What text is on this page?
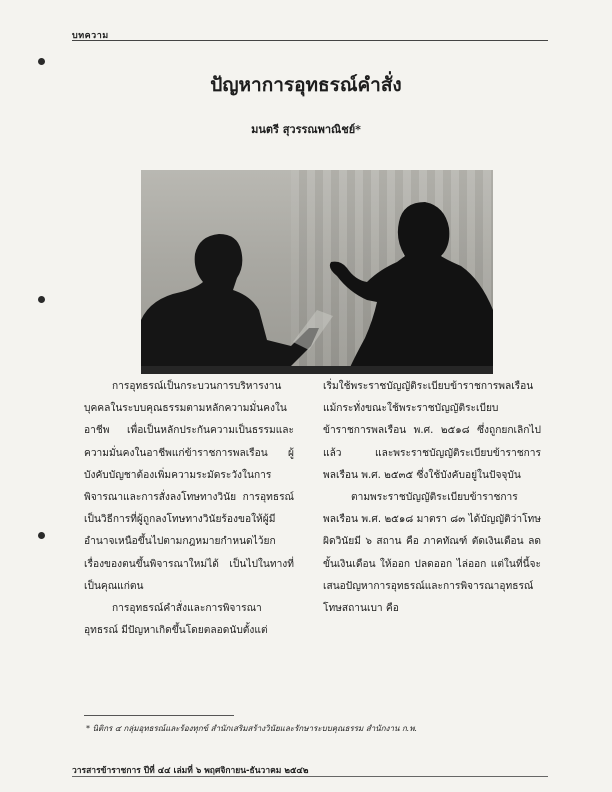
บทความ
ปัญหาการอุทธรณ์คำสั่ง
มนตรี สุวรรณพาณิชย์*

การอุทธรณ์เป็นกระบวนการบริหารงานบุคคลในระบบคุณธรรมตามหลักความมั่นคงในอาชีพ เพื่อเป็นหลักประกันความเป็นธรรมและความมั่นคงในอาชีพแก่ข้าราชการพลเรือน ผู้บังคับบัญชาต้องเพิ่มความระมัดระวังในการพิจารณาและการสั่งลงโทษทางวินัย การอุทธรณ์เป็นวิธีการที่ผู้ถูกลงโทษทางวินัยร้องขอให้ผู้มีอำนาจเหนือขึ้นไปตามกฎหมายกำหนดไว้ยกเรื่องของตนขึ้นพิจารณาใหม่ได้ เป็นไปในทางที่เป็นคุณแก่ตน

การอุทธรณ์คำสั่งและการพิจารณาอุทธรณ์ มีปัญหาเกิดขึ้นโดยตลอดนับตั้งแต่

เริ่มใช้พระราชบัญญัติระเบียบข้าราชการพลเรือน แม้กระทั่งขณะใช้พระราชบัญญัติระเบียบข้าราชการพลเรือน พ.ศ. ๒๕๑๘ ซึ่งถูกยกเลิกไปแล้ว และพระราชบัญญัติระเบียบข้าราชการพลเรือน พ.ศ. ๒๕๓๕ ซึ่งใช้บังคับอยู่ในปัจจุบัน

ตามพระราชบัญญัติระเบียบข้าราชการพลเรือน พ.ศ. ๒๕๑๘ มาตรา ๘๓ ได้บัญญัติว่าโทษผิดวินัยมี ๖ สถาน คือ ภาคทัณฑ์ ตัดเงินเดือน ลดขั้นเงินเดือน ให้ออก ปลดออก ไล่ออก แต่ในที่นี้จะเสนอปัญหาการอุทธรณ์และการพิจารณาอุทธรณ์โทษสถานเบา คือ

* นิติกร ๔ กลุ่มอุทธรณ์และร้องทุกข์ สำนักเสริมสร้างวินัยและรักษาระบบคุณธรรม สำนักงาน ก.พ.
วารสารข้าราชการ ปีที่ ๔๔ เล่มที่ ๖ พฤศจิกายน-ธันวาคม ๒๕๔๒
